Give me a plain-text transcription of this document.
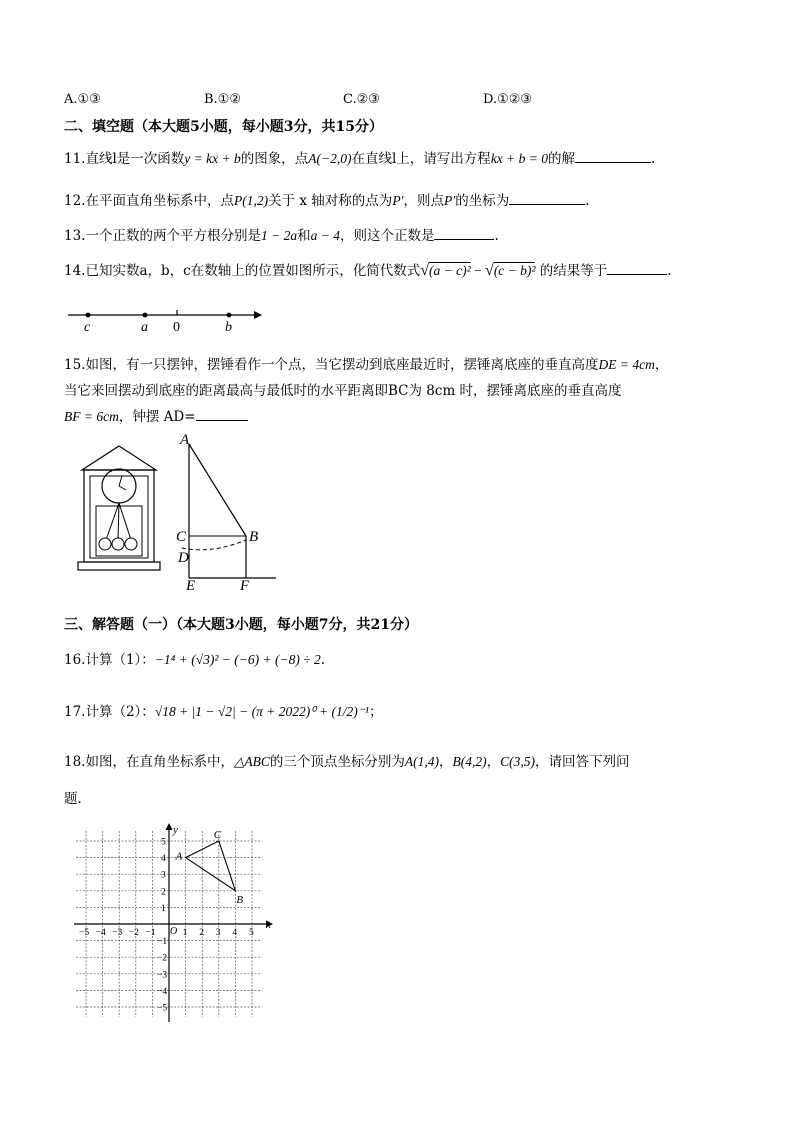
A.①③	B.①②	C.②③	D.①②③
二、填空题（本大题5小题，每小题3分，共15分）
11.直线l是一次函数y = kx + b的图象，点A(−2,0)在直线l上，请写出方程kx + b = 0的解	.
12.在平面直角坐标系中，点P(1,2)关于 x 轴对称的点为P′，则点P′的坐标为	.
13.一个正数的两个平方根分别是1 − 2a和a − 4，则这个正数是	.
14.已知实数a，b，c在数轴上的位置如图所示，化简代数式√(a − c)² − √(c − b)² 的结果等于	.
c	a 0	b
15.如图，有一只摆钟，摆锤看作一个点，当它摆动到底座最近时，摆锤离底座的垂直高度DE = 4cm，
当它来回摆动到底座的距离最高与最低时的水平距离即BC为 8cm 时，摆锤离底座的垂直高度
BF = 6cm，钟摆 AD=
A
C	B
D
E	F
三、解答题（一）（本大题3小题，每小题7分，共21分）
16.计算（1）：−1⁴ + (√3)² − (−6) + (−8) ÷ 2.
17.计算（2）：√18 + |1 − √2| − (π + 2022)⁰ + (1/2)⁻¹；
18.如图，在直角坐标系中，△ABC的三个顶点坐标分别为A(1,4)，B(4,2)，C(3,5)，请回答下列问
题.
x
y
O
−5 −4 −3 −2 −1	1 2 3 4 5
5
4
3
2
1
−1
−2
−3
−4
−5
A
B
C
